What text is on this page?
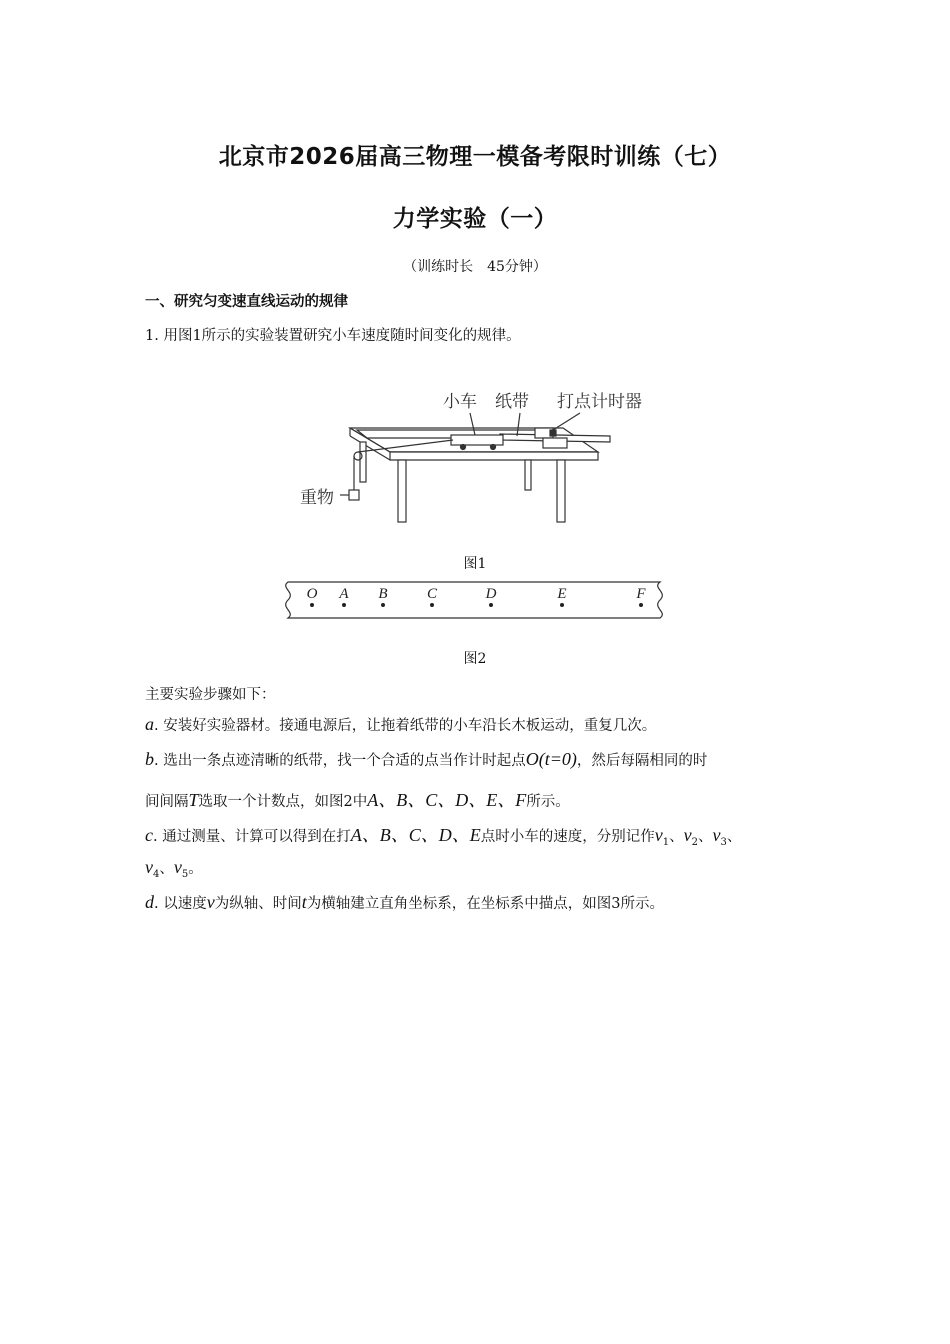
北京市2026届高三物理一模备考限时训练（七）
力学实验（一）
（训练时长　45分钟）
一、研究匀变速直线运动的规律
1. 用图1所示的实验装置研究小车速度随时间变化的规律。
小车 纸带 打点计时器
重物
图1
O A B	C	D	E	F
图2
主要实验步骤如下：
a. 安装好实验器材。接通电源后，让拖着纸带的小车沿长木板运动，重复几次。
b. 选出一条点迹清晰的纸带，找一个合适的点当作计时起点O(t=0)，然后每隔相同的时
间间隔T选取一个计数点，如图2中A、B、C、D、E、F所示。
c. 通过测量、计算可以得到在打A、B、C、D、E点时小车的速度，分别记作$v_1$、$v_2$、$v_3$、
$v_4$、$v_5$。
d. 以速度v为纵轴、时间t为横轴建立直角坐标系，在坐标系中描点，如图3所示。
